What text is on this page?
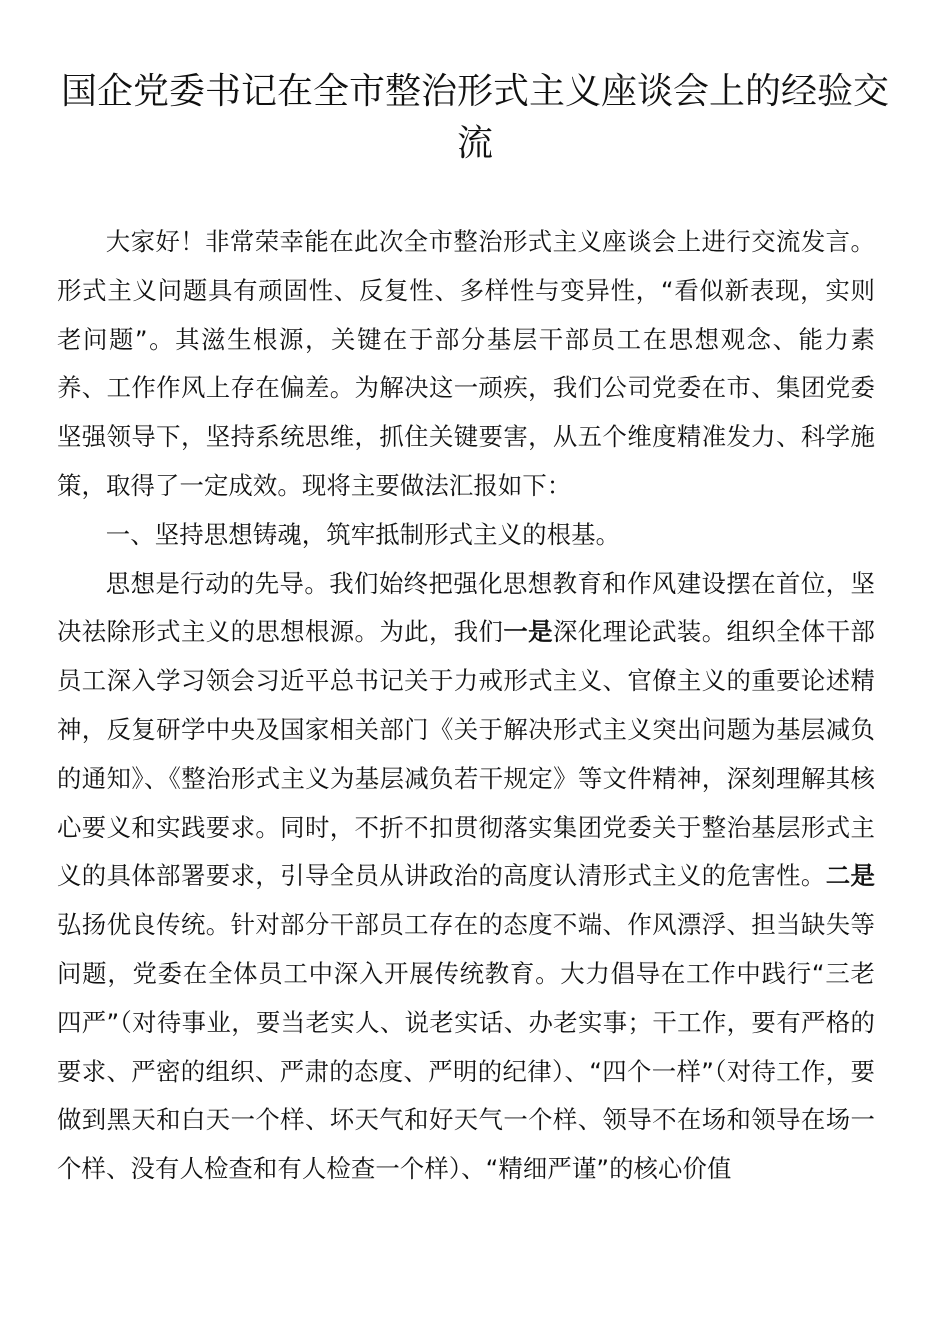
国企党委书记在全市整治形式主义座谈会上的经验交流

大家好！非常荣幸能在此次全市整治形式主义座谈会上进行交流发言。形式主义问题具有顽固性、反复性、多样性与变异性，“看似新表现，实则老问题”。其滋生根源，关键在于部分基层干部员工在思想观念、能力素养、工作作风上存在偏差。为解决这一顽疾，我们公司党委在市、集团党委坚强领导下，坚持系统思维，抓住关键要害，从五个维度精准发力、科学施策，取得了一定成效。现将主要做法汇报如下：

一、坚持思想铸魂，筑牢抵制形式主义的根基。

思想是行动的先导。我们始终把强化思想教育和作风建设摆在首位，坚决祛除形式主义的思想根源。为此，我们一是深化理论武装。组织全体干部员工深入学习领会习近平总书记关于力戒形式主义、官僚主义的重要论述精神，反复研学中央及国家相关部门《关于解决形式主义突出问题为基层减负的通知》、《整治形式主义为基层减负若干规定》等文件精神，深刻理解其核心要义和实践要求。同时，不折不扣贯彻落实集团党委关于整治基层形式主义的具体部署要求，引导全员从讲政治的高度认清形式主义的危害性。二是弘扬优良传统。针对部分干部员工存在的态度不端、作风漂浮、担当缺失等问题，党委在全体员工中深入开展传统教育。大力倡导在工作中践行“三老四严”（对待事业，要当老实人、说老实话、办老实事；干工作，要有严格的要求、严密的组织、严肃的态度、严明的纪律）、“四个一样”（对待工作，要做到黑天和白天一个样、坏天气和好天气一个样、领导不在场和领导在场一个样、没有人检查和有人检查一个样）、“精细严谨”的核心价值
